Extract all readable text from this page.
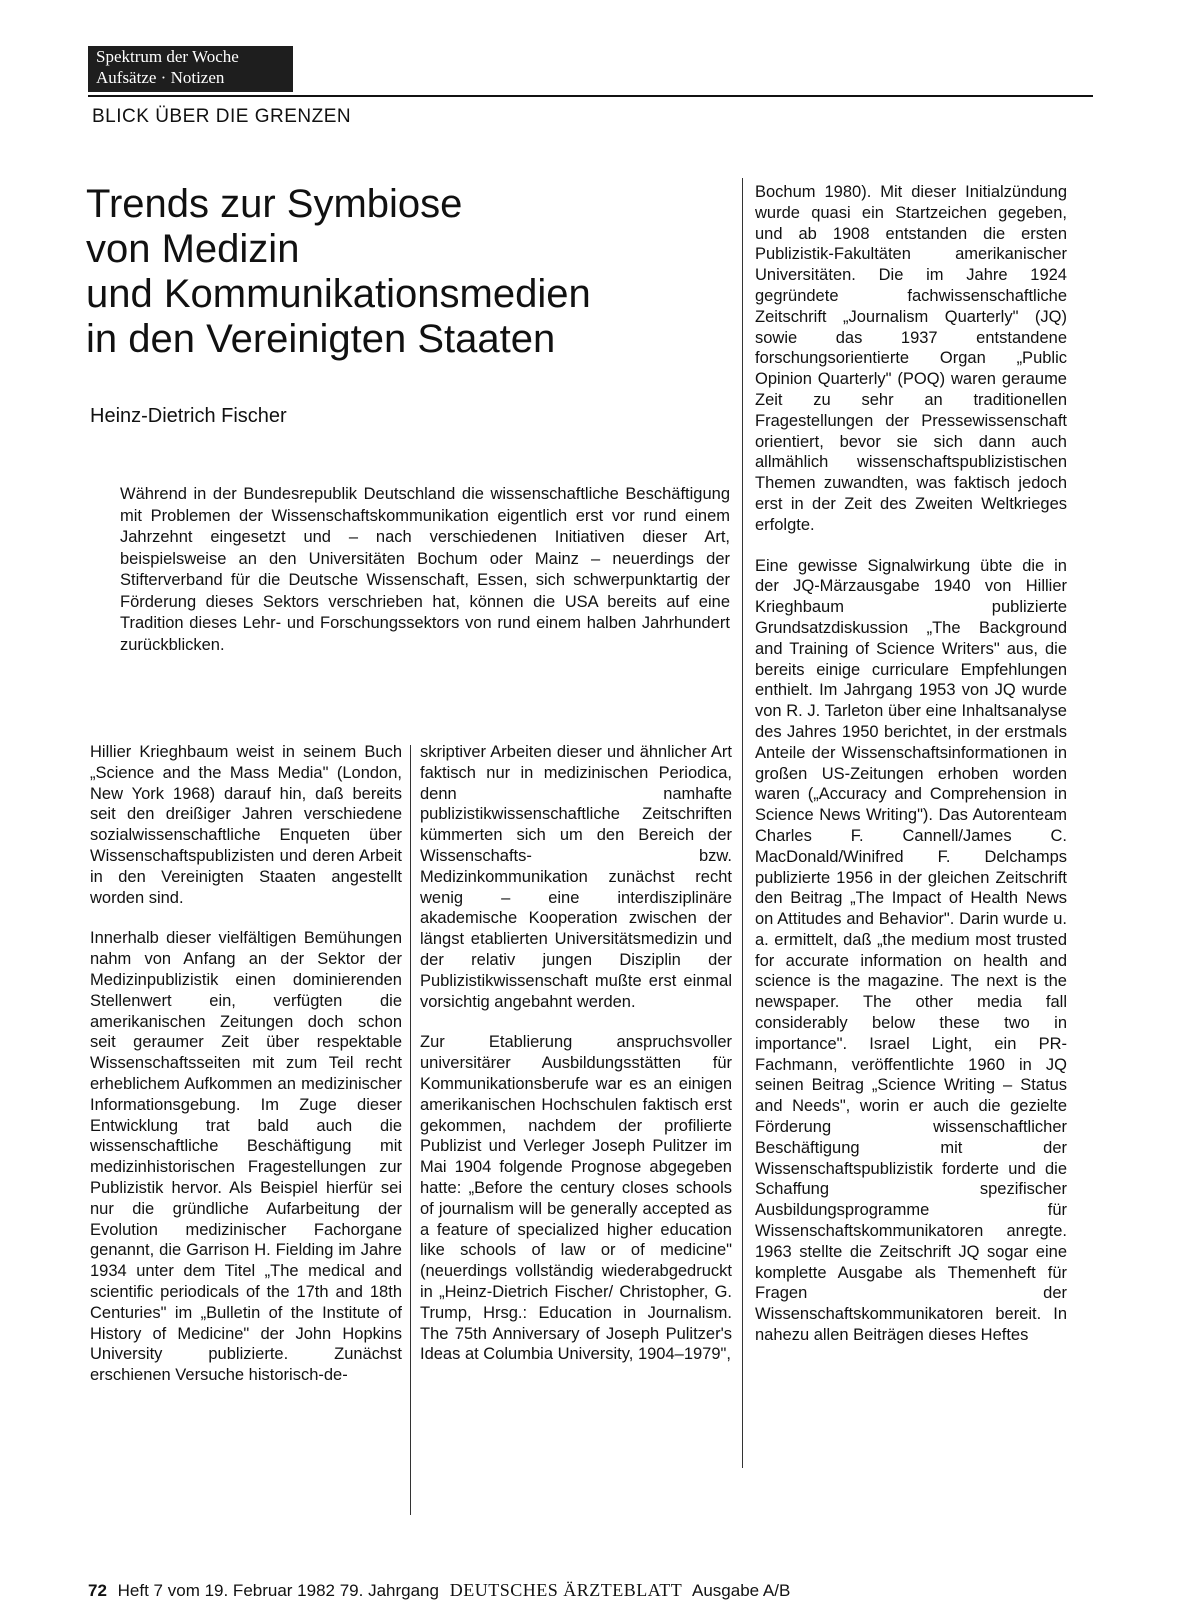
Spektrum der Woche
Aufsätze · Notizen
BLICK ÜBER DIE GRENZEN
Trends zur Symbiose
von Medizin
und Kommunikationsmedien
in den Vereinigten Staaten
Heinz-Dietrich Fischer
Während in der Bundesrepublik Deutschland die wissenschaftliche Beschäftigung mit Problemen der Wissenschaftskommunikation eigentlich erst vor rund einem Jahrzehnt eingesetzt und – nach verschiedenen Initiativen dieser Art, beispielsweise an den Universitäten Bochum oder Mainz – neuerdings der Stifterverband für die Deutsche Wissenschaft, Essen, sich schwerpunktartig der Förderung dieses Sektors verschrieben hat, können die USA bereits auf eine Tradition dieses Lehr- und Forschungssektors von rund einem halben Jahrhundert zurückblicken.

Hillier Krieghbaum weist in seinem Buch „Science and the Mass Media" (London, New York 1968) darauf hin, daß bereits seit den dreißiger Jahren verschiedene sozialwissenschaftliche Enqueten über Wissenschaftspublizisten und deren Arbeit in den Vereinigten Staaten angestellt worden sind.

Innerhalb dieser vielfältigen Bemühungen nahm von Anfang an der Sektor der Medizinpublizistik einen dominierenden Stellenwert ein, verfügten die amerikanischen Zeitungen doch schon seit geraumer Zeit über respektable Wissenschaftsseiten mit zum Teil recht erheblichem Aufkommen an medizinischer Informationsgebung. Im Zuge dieser Entwicklung trat bald auch die wissenschaftliche Beschäftigung mit medizinhistorischen Fragestellungen zur Publizistik hervor. Als Beispiel hierfür sei nur die gründliche Aufarbeitung der Evolution medizinischer Fachorgane genannt, die Garrison H. Fielding im Jahre 1934 unter dem Titel „The medical and scientific periodicals of the 17th and 18th Centuries" im „Bulletin of the Institute of History of Medicine" der John Hopkins University publizierte. Zunächst erschienen Versuche historisch-de-

skriptiver Arbeiten dieser und ähnlicher Art faktisch nur in medizinischen Periodica, denn namhafte publizistikwissenschaftliche Zeitschriften kümmerten sich um den Bereich der Wissenschafts- bzw. Medizinkommunikation zunächst recht wenig – eine interdisziplinäre akademische Kooperation zwischen der längst etablierten Universitätsmedizin und der relativ jungen Disziplin der Publizistikwissenschaft mußte erst einmal vorsichtig angebahnt werden.

Zur Etablierung anspruchsvoller universitärer Ausbildungsstätten für Kommunikationsberufe war es an einigen amerikanischen Hochschulen faktisch erst gekommen, nachdem der profilierte Publizist und Verleger Joseph Pulitzer im Mai 1904 folgende Prognose abgegeben hatte: „Before the century closes schools of journalism will be generally accepted as a feature of specialized higher education like schools of law or of medicine" (neuerdings vollständig wiederabgedruckt in „Heinz-Dietrich Fischer/ Christopher, G. Trump, Hrsg.: Education in Journalism. The 75th Anniversary of Joseph Pulitzer's Ideas at Columbia University, 1904–1979",

Bochum 1980). Mit dieser Initialzündung wurde quasi ein Startzeichen gegeben, und ab 1908 entstanden die ersten Publizistik-Fakultäten amerikanischer Universitäten. Die im Jahre 1924 gegründete fachwissenschaftliche Zeitschrift „Journalism Quarterly" (JQ) sowie das 1937 entstandene forschungsorientierte Organ „Public Opinion Quarterly" (POQ) waren geraume Zeit zu sehr an traditionellen Fragestellungen der Pressewissenschaft orientiert, bevor sie sich dann auch allmählich wissenschaftspublizistischen Themen zuwandten, was faktisch jedoch erst in der Zeit des Zweiten Weltkrieges erfolgte.

Eine gewisse Signalwirkung übte die in der JQ-Märzausgabe 1940 von Hillier Krieghbaum publizierte Grundsatzdiskussion „The Background and Training of Science Writers" aus, die bereits einige curriculare Empfehlungen enthielt. Im Jahrgang 1953 von JQ wurde von R. J. Tarleton über eine Inhaltsanalyse des Jahres 1950 berichtet, in der erstmals Anteile der Wissenschaftsinformationen in großen US-Zeitungen erhoben worden waren („Accuracy and Comprehension in Science News Writing"). Das Autorenteam Charles F. Cannell/James C. MacDonald/Winifred F. Delchamps publizierte 1956 in der gleichen Zeitschrift den Beitrag „The Impact of Health News on Attitudes and Behavior". Darin wurde u. a. ermittelt, daß „the medium most trusted for accurate information on health and science is the magazine. The next is the newspaper. The other media fall considerably below these two in importance". Israel Light, ein PR-Fachmann, veröffentlichte 1960 in JQ seinen Beitrag „Science Writing – Status and Needs", worin er auch die gezielte Förderung wissenschaftlicher Beschäftigung mit der Wissenschaftspublizistik forderte und die Schaffung spezifischer Ausbildungsprogramme für Wissenschaftskommunikatoren anregte. 1963 stellte die Zeitschrift JQ sogar eine komplette Ausgabe als Themenheft für Fragen der Wissenschaftskommunikatoren bereit. In nahezu allen Beiträgen dieses Heftes

72 Heft 7 vom 19. Februar 1982 79. Jahrgang DEUTSCHES ÄRZTEBLATT Ausgabe A/B
